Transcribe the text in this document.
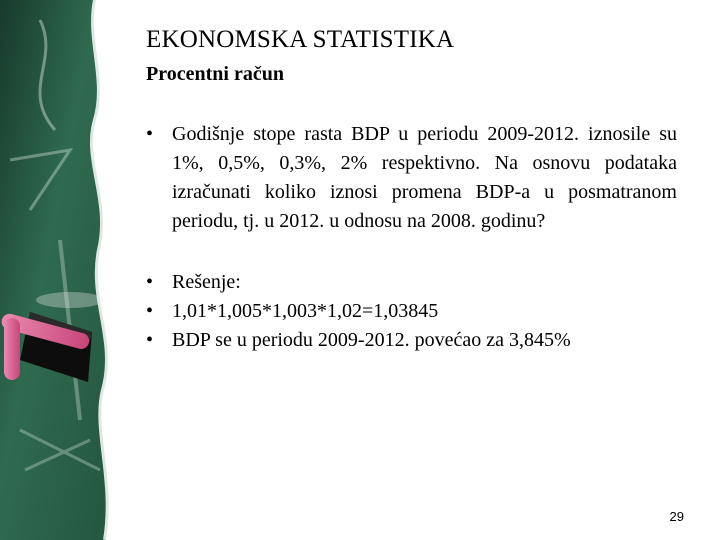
EKONOMSKA STATISTIKA
Procentni račun
• Godišnje stope rasta BDP u periodu 2009-2012. iznosile su 1%, 0,5%, 0,3%, 2% respektivno. Na osnovu podataka izračunati koliko iznosi promena BDP-a u posmatranom periodu, tj. u 2012. u odnosu na 2008. godinu?
• Rešenje:
• 1,01*1,005*1,003*1,02=1,03845
• BDP se u periodu 2009-2012. povećao za 3,845%
29
